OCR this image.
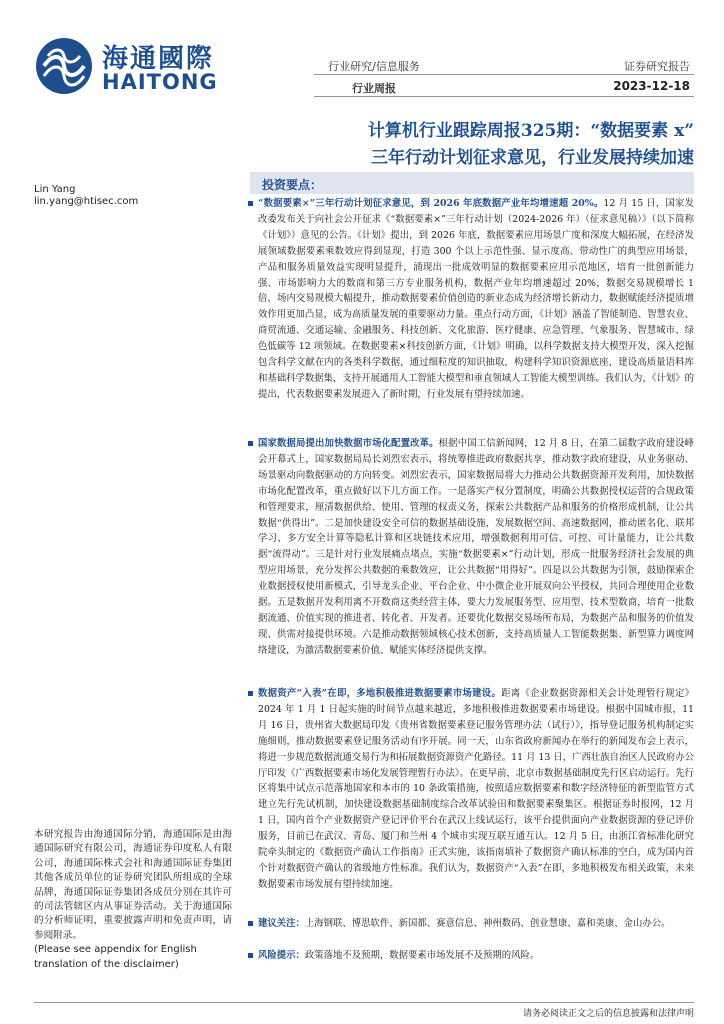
海通國際
HAITONG
行业研究/信息服务
行业周报
证券研究报告
2023-12-18
计算机行业跟踪周报325期：“数据要素 x”
三年行动计划征求意见，行业发展持续加速
Lin Yang
lin.yang@htisec.com
投资要点：
“数据要素×”三年行动计划征求意见，到 2026 年底数据产业年均增速超 20%。12 月 15 日，国家发改委发布关于向社会公开征求《“数据要素×”三年行动计划（2024-2026 年）（征求意见稿）》（以下简称《计划》）意见的公告。《计划》提出，到 2026 年底，数据要素应用场景广度和深度大幅拓展，在经济发展领域数据要素乘数效应得到显现，打造 300 个以上示范性强、显示度高、带动性广的典型应用场景，产品和服务质量效益实现明显提升，涌现出一批成效明显的数据要素应用示范地区，培育一批创新能力强、市场影响力大的数商和第三方专业服务机构，数据产业年均增速超过 20%，数据交易规模增长 1 倍，场内交易规模大幅提升，推动数据要素价值创造的新业态成为经济增长新动力，数据赋能经济提质增效作用更加凸显，成为高质量发展的重要驱动力量。重点行动方面，《计划》涵盖了智能制造、智慧农业、商贸流通、交通运输、金融服务、科技创新、文化旅游、医疗健康、应急管理、气象服务、智慧城市、绿色低碳等 12 项领域。在数据要素×科技创新方面，《计划》明确，以科学数据支持大模型开发，深入挖掘包含科学文献在内的各类科学数据，通过细粒度的知识抽取，构建科学知识资源底座，建设高质量语料库和基础科学数据集，支持开展通用人工智能大模型和垂直领域人工智能大模型训练。我们认为，《计划》的提出，代表数据要素发展进入了新时期，行业发展有望持续加速。
国家数据局提出加快数据市场化配置改革。根据中国工信新闻网，12 月 8 日，在第二届数字政府建设峰会开幕式上，国家数据局局长刘烈宏表示，将统筹推进政府数据共享，推动数字政府建设，从业务驱动、场景驱动向数据驱动的方向转变。刘烈宏表示，国家数据局将大力推动公共数据资源开发利用，加快数据市场化配置改革，重点做好以下几方面工作。一是落实产权分置制度，明确公共数据授权运营的合规政策和管理要求，厘清数据供给、使用、管理的权责义务，探索公共数据产品和服务的价格形成机制，让公共数据“供得出”。二是加快建设安全可信的数据基础设施，发展数据空间、高速数据网，推动匿名化、联邦学习、多方安全计算等隐私计算和区块链技术应用，增强数据利用可信、可控、可计量能力，让公共数据“流得动”。三是针对行业发展痛点堵点，实施“数据要素×”行动计划，形成一批服务经济社会发展的典型应用场景，充分发挥公共数据的乘数效应，让公共数据“用得好”。四是以公共数据为引领，鼓励探索企业数据授权使用新模式，引导龙头企业、平台企业、中小微企业开展双向公平授权，共同合理使用企业数据。五是数据开发利用离不开数商这类经营主体，要大力发展服务型、应用型、技术型数商，培育一批数据流通、价值实现的推进者、转化者、开发者。还要优化数据交易场所布局，为数据产品和服务的价值发现、供需对接提供环境。六是推动数据领域核心技术创新，支持高质量人工智能数据集、新型算力调度网络建设，为激活数据要素价值、赋能实体经济提供支撑。
数据资产“入表”在即，多地积极推进数据要素市场建设。距离《企业数据资源相关会计处理暂行规定》2024 年 1 月 1 日起实施的时间节点越来越近，多地积极推进数据要素市场建设。根据中国城市报，11 月 16 日，贵州省大数据局印发《贵州省数据要素登记服务管理办法（试行）》，指导登记服务机构制定实施细则，推动数据要素登记服务活动有序开展。同一天，山东省政府新闻办在举行的新闻发布会上表示，将进一步规范数据流通交易行为和拓展数据资源资产化路径。11 月 13 日，广西壮族自治区人民政府办公厅印发《广西数据要素市场化发展管理暂行办法》。在更早前，北京市数据基础制度先行区启动运行。先行区将集中试点示范落地国家和本市的 10 条政策措施，按照适应数据要素和数字经济特征的新型监管方式建立先行先试机制，加快建设数据基础制度综合改革试验田和数据要素聚集区。根据证券时报网，12 月 1 日，国内首个产业数据资产登记评价平台在武汉上线试运行，该平台提供面向产业数据资源的登记评价服务，目前已在武汉、青岛、厦门和兰州 4 个城市实现互联互通互认。12 月 5 日，由浙江省标准化研究院牵头制定的《数据资产确认工作指南》正式实施，该指南填补了数据资产确认标准的空白，成为国内首个针对数据资产确认的省级地方性标准。我们认为，数据资产“入表”在即，多地积极发布相关政策，未来数据要素市场发展有望持续加速。
建议关注：上海钢联、博思软件、新国都、赛意信息、神州数码、创业慧康、嘉和美康、金山办公。
风险提示：政策落地不及预期，数据要素市场发展不及预期的风险。
本研究报告由海通国际分销，海通国际是由海通国际研究有限公司，海通证券印度私人有限公司，海通国际株式会社和海通国际证券集团其他各成员单位的证券研究团队所组成的全球品牌，海通国际证券集团各成员分别在其许可的司法管辖区内从事证券活动。关于海通国际的分析师证明，重要披露声明和免责声明，请参阅附录。
(Please see appendix for English translation of the disclaimer)
请务必阅读正文之后的信息披露和法律声明
